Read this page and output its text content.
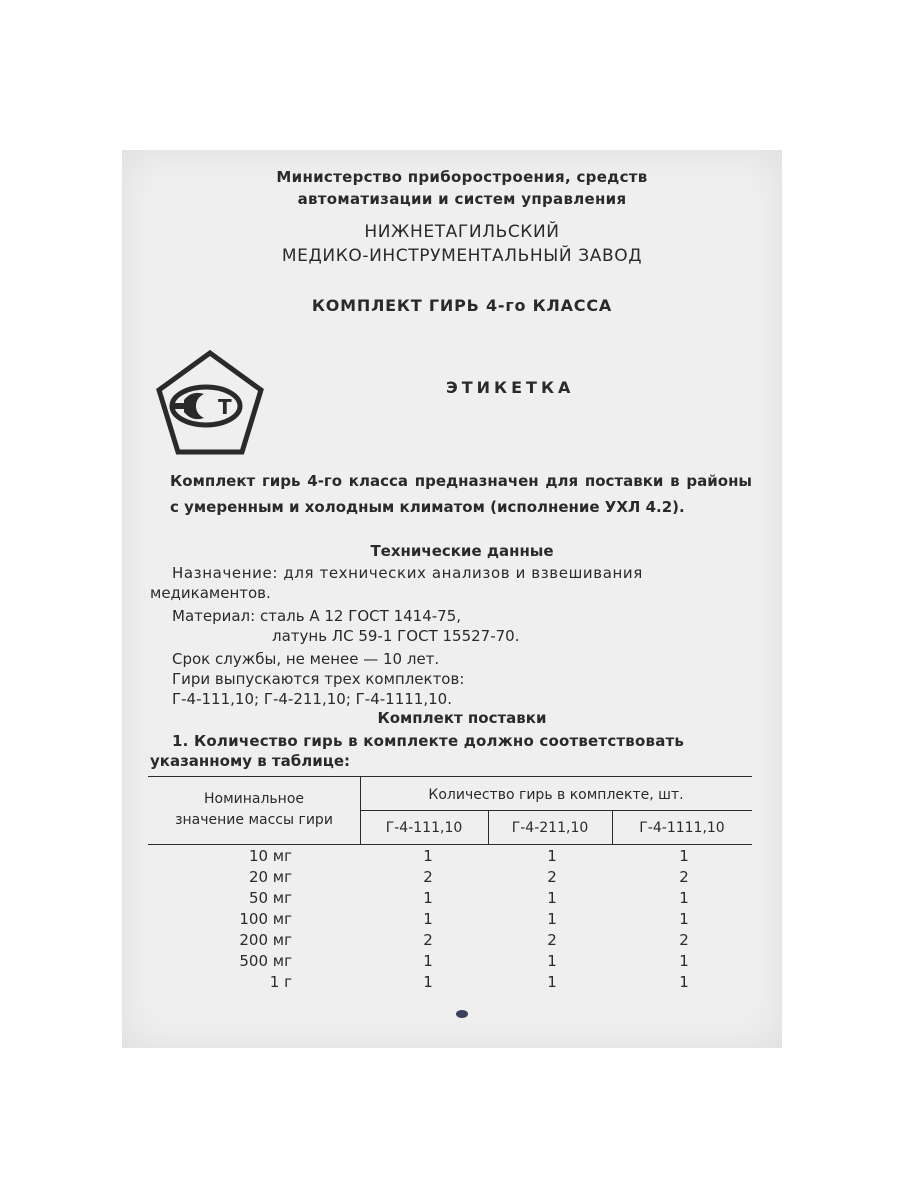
Министерство приборостроения, средств
автоматизации и систем управления
НИЖНЕТАГИЛЬСКИЙ
МЕДИКО-ИНСТРУМЕНТАЛЬНЫЙ ЗАВОД
КОМПЛЕКТ ГИРЬ 4-го КЛАССА
Т
ЭТИКЕТКА
Комплект гирь 4-го класса предназначен для поставки в районы с умеренным и холодным климатом (исполнение УХЛ 4.2).
Технические данные
Назначение: для технических анализов и взвешивания
медикаментов.
Материал: сталь А 12 ГОСТ 1414-75,
латунь ЛС 59-1 ГОСТ 15527-70.
Срок службы, не менее — 10 лет.
Гири выпускаются трех комплектов:
Г-4-111,10; Г-4-211,10; Г-4-1111,10.
Комплект поставки
1. Количество гирь в комплекте должно соответствовать
указанному в таблице:
Номинальное
значение массы гири
Количество гирь в комплекте, шт.
Г-4-111,10	Г-4-211,10	Г-4-1111,10
10 мг	1	1	1
20 мг	2	2	2
50 мг	1	1	1
100 мг	1	1	1
200 мг	2	2	2
500 мг	1	1	1
1 г	1	1	1
